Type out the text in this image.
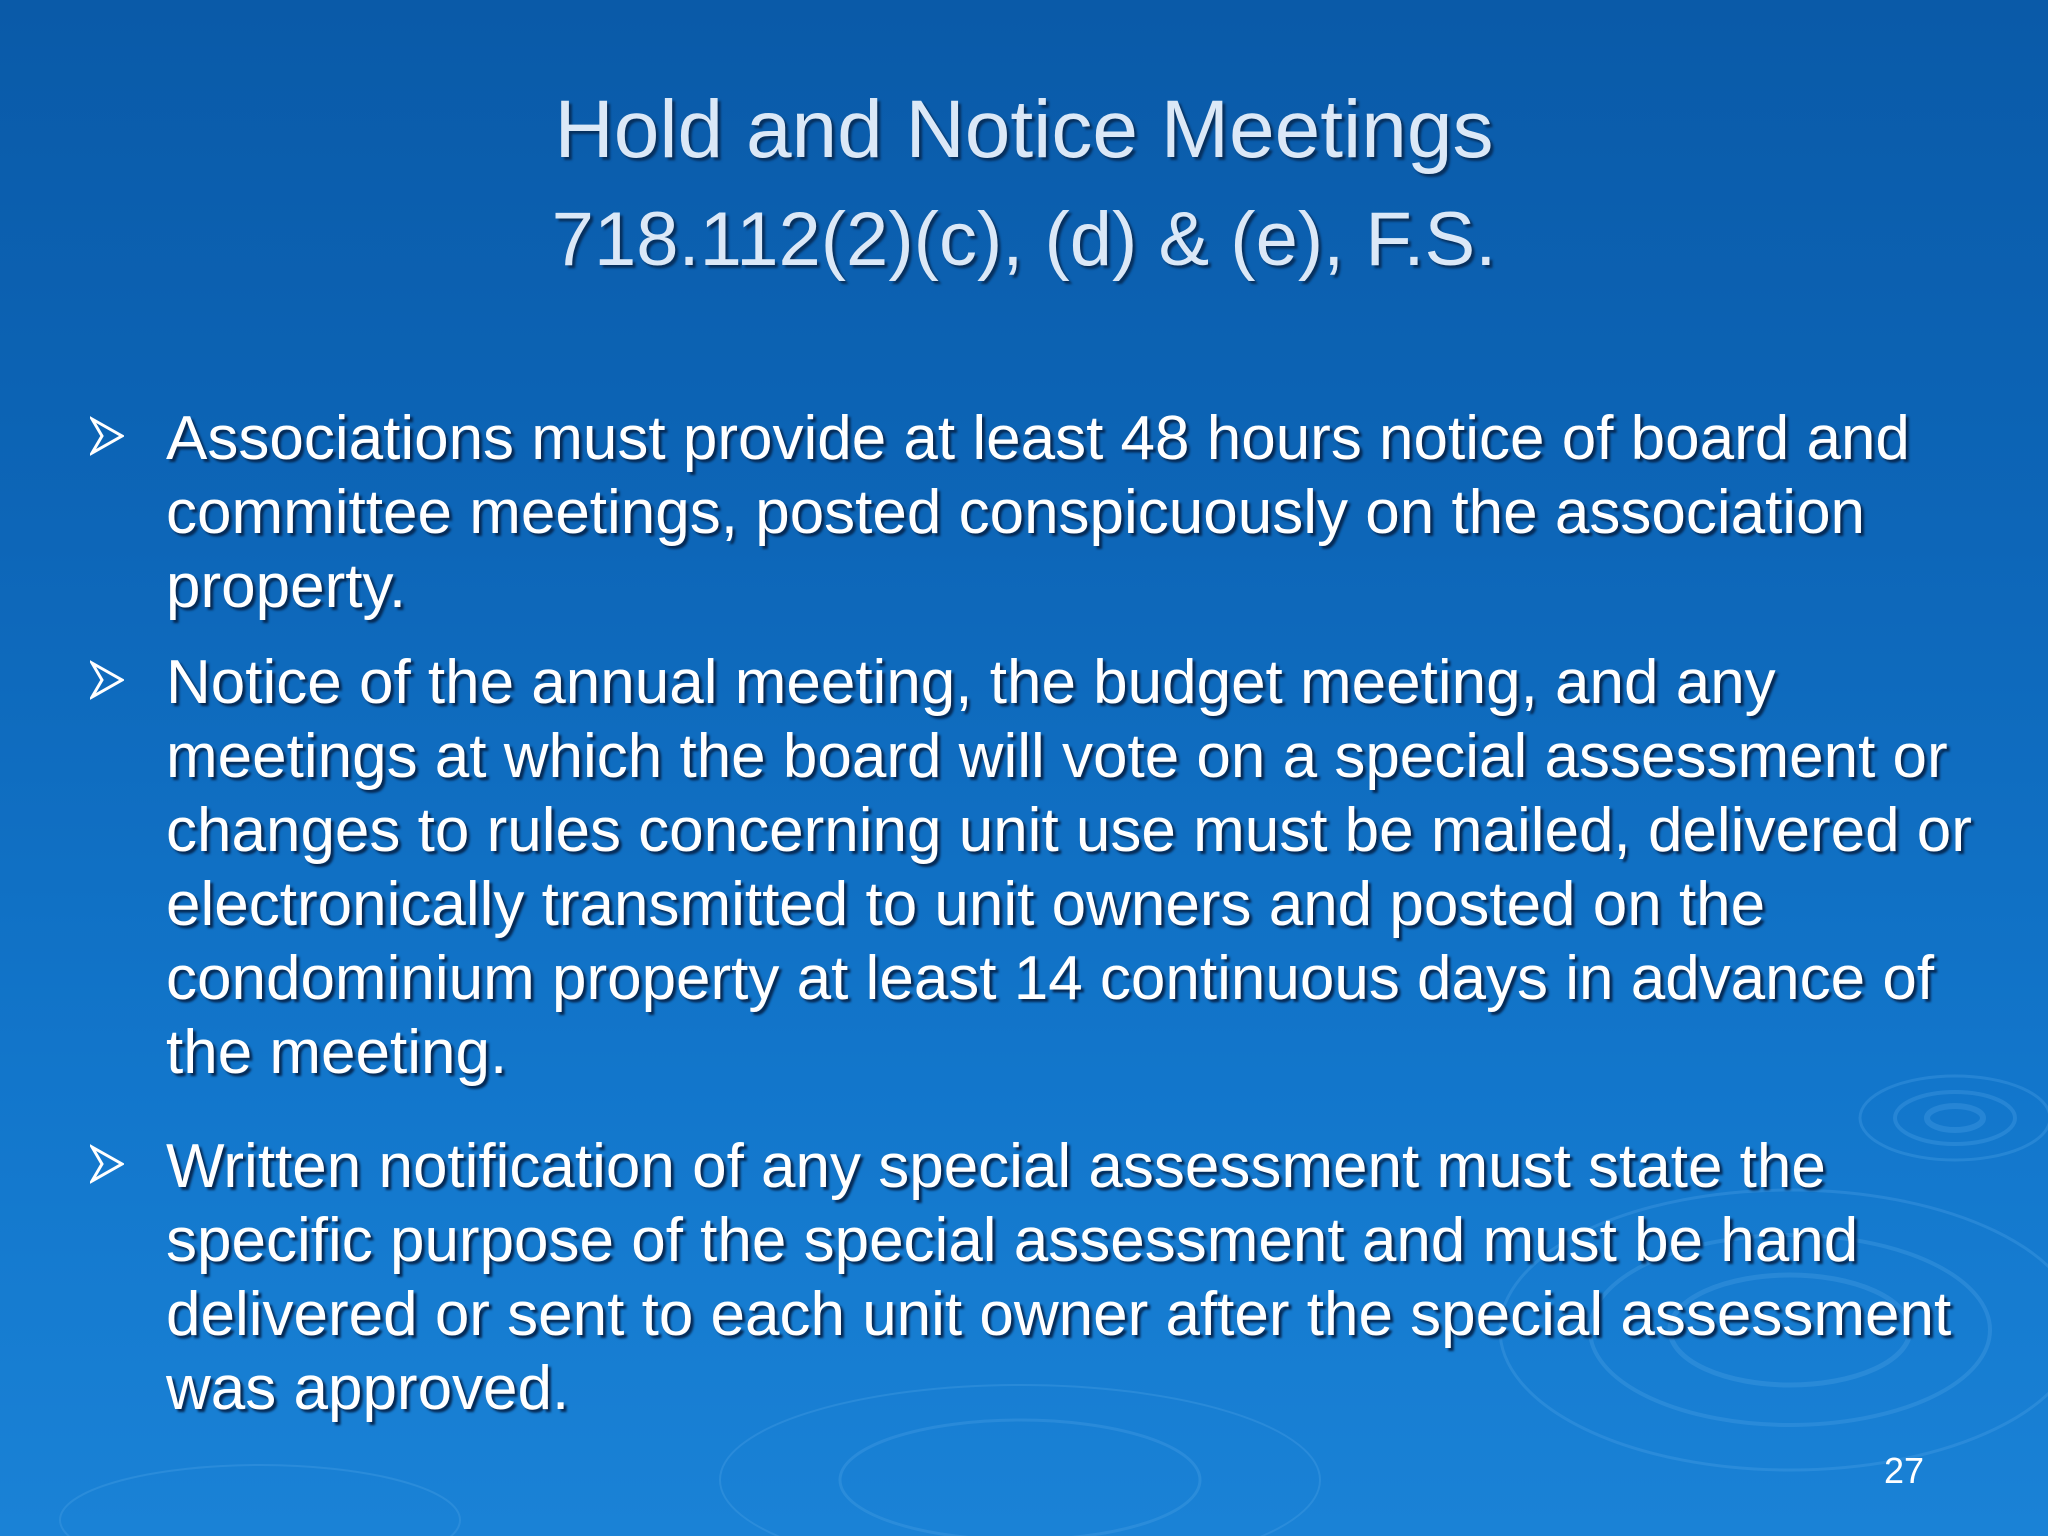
Hold and Notice Meetings
718.112(2)(c), (d) & (e), F.S.
Associations must provide at least 48 hours notice of board and committee meetings, posted conspicuously on the association property.
Notice of the annual meeting, the budget meeting, and any meetings at which the board will vote on a special assessment or changes to rules concerning unit use must be mailed, delivered or electronically transmitted to unit owners and posted on the condominium property at least 14 continuous days in advance of the meeting.
Written notification of any special assessment must state the specific purpose of the special assessment and must be hand delivered or sent to each unit owner after the special assessment was approved.
27
